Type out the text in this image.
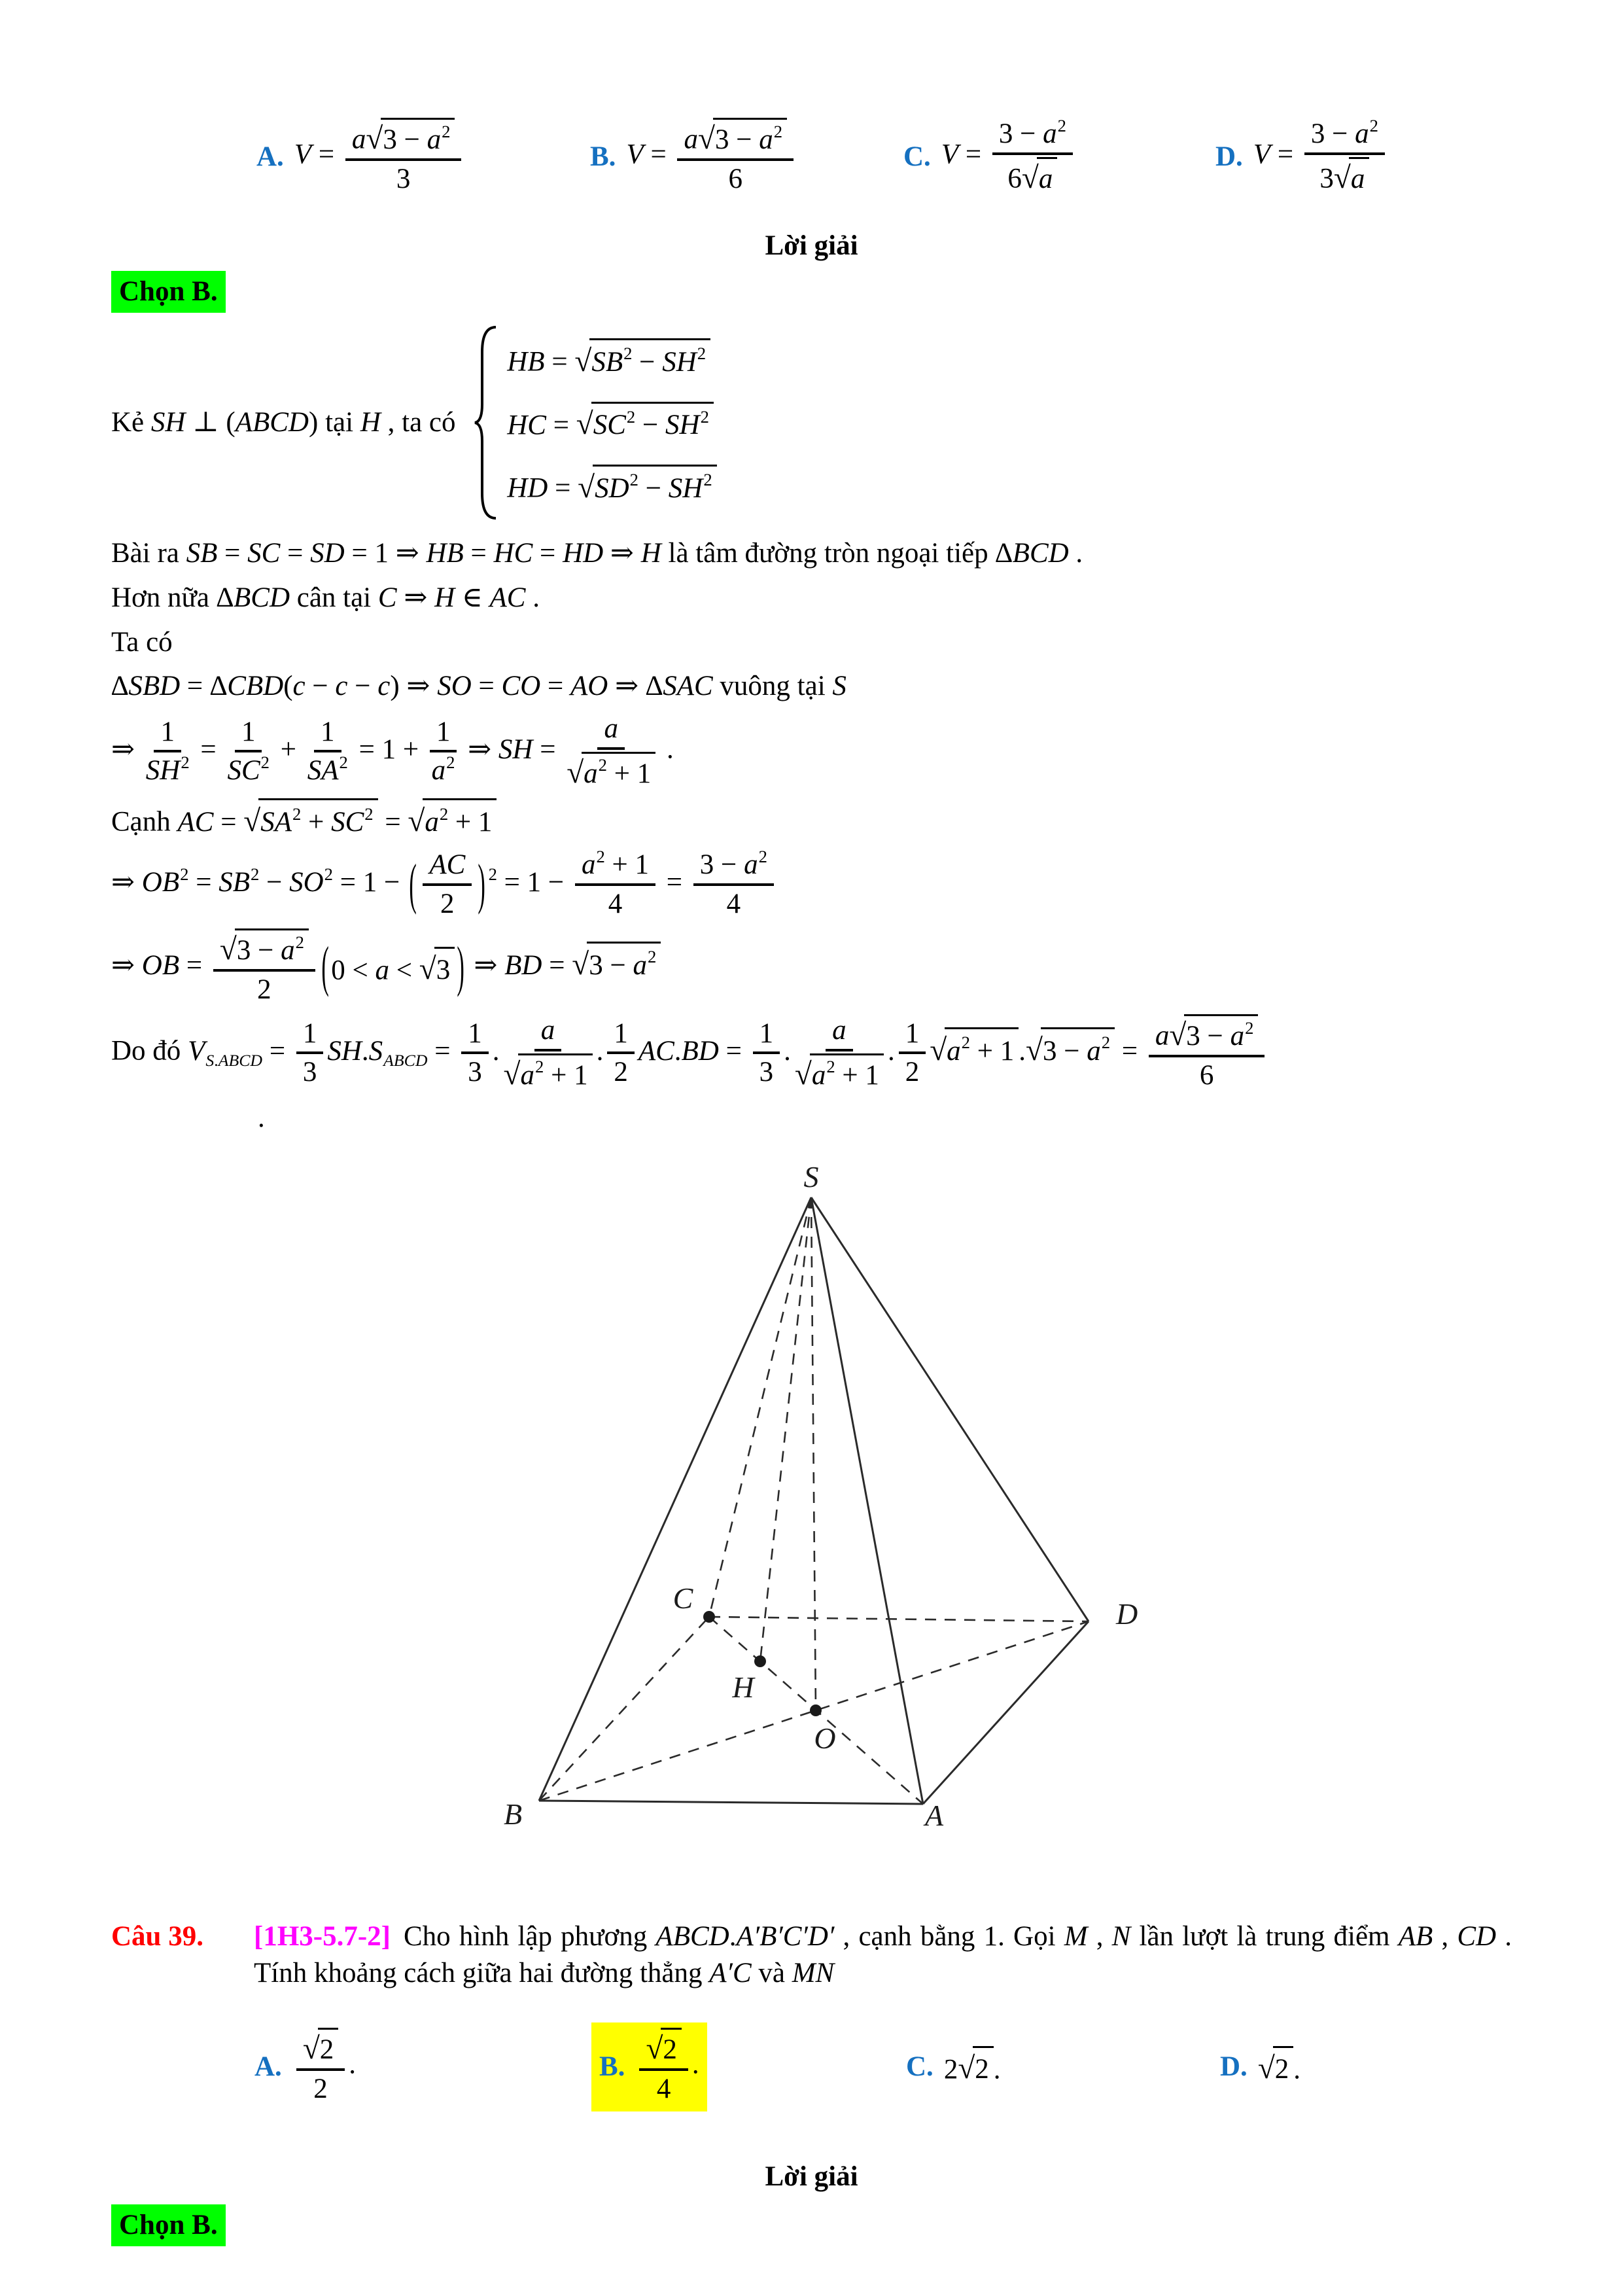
A. $V = \frac{a √ 3 - a^2}{3}$	B. $V = \frac{a √ 3 - a^2}{6}$	C. $V = \frac{3 - a^2}{6 √ a}$	D. $V = \frac{3 - a^2}{3 √ a}$
Lời giải
Chọn B.
Kẻ SH ⊥ (ABCD) tại H , ta có
HB = √ $SB^2 - SH^2$
HC = √ $SC^2 - SH^2$
HD = √ $SD^2 - SH^2$
Bài ra SB = SC = SD = 1 ⇒ HB = HC = HD ⇒ H là tâm đường tròn ngoại tiếp ∆BCD .
Hơn nữa ∆BCD cân tại C ⇒ H ∈ AC .
Ta có
∆SBD = ∆CBD(c − c − c) ⇒ SO = CO = AO ⇒ ∆SAC vuông tại S
⇒ $\frac{1}{SH^2} = \frac{1}{SC^2} + \frac{1}{SA^2} = 1 + \frac{1}{a^2}$ ⇒ SH = $\frac{a}{√ a^2 + 1}$ .
Cạnh AC = √ $SA^2 + SC^2$ = √ $a^2 + 1$
⇒ $OB^2 = SB^2 - SO^2 = 1$ − ( $\frac{AC}{2}$ ) $^2 = 1 - \frac{a^2 + 1}{4} = \frac{3 - a^2}{4}$
⇒ OB = $\frac{√ 3 - a^2}{2}$ ( 0 < a < √ 3 ) ⇒ BD = √ $3 - a^2$
Do đó $V_{S.ABCD} = \frac{1}{3} SH.S_{ABCD} = \frac{1}{3}$ . $\frac{a}{√ a^2 + 1}$ . $\frac{1}{2} AC.BD = \frac{1}{3}$ . $\frac{a}{√ a^2 + 1}$ . $\frac{1}{2}$ √ $a^2 + 1$ . √ $3 - a^2 = \frac{a √ 3 - a^2}{6}$
.
S
B	A
D
C
H
O
Câu 39.	[1H3-5.7-2] Cho hình lập phương ABCD.A′B′C′D′ , cạnh bằng 1. Gọi M , N lần lượt là trung điểm AB , CD . Tính khoảng cách giữa hai đường thẳng A′C và MN
A. $\frac{√ 2}{2}$ .	B. $\frac{√ 2}{4}$ .	C. 2 √ 2 .	D. √ 2 .
Lời giải
Chọn B.
